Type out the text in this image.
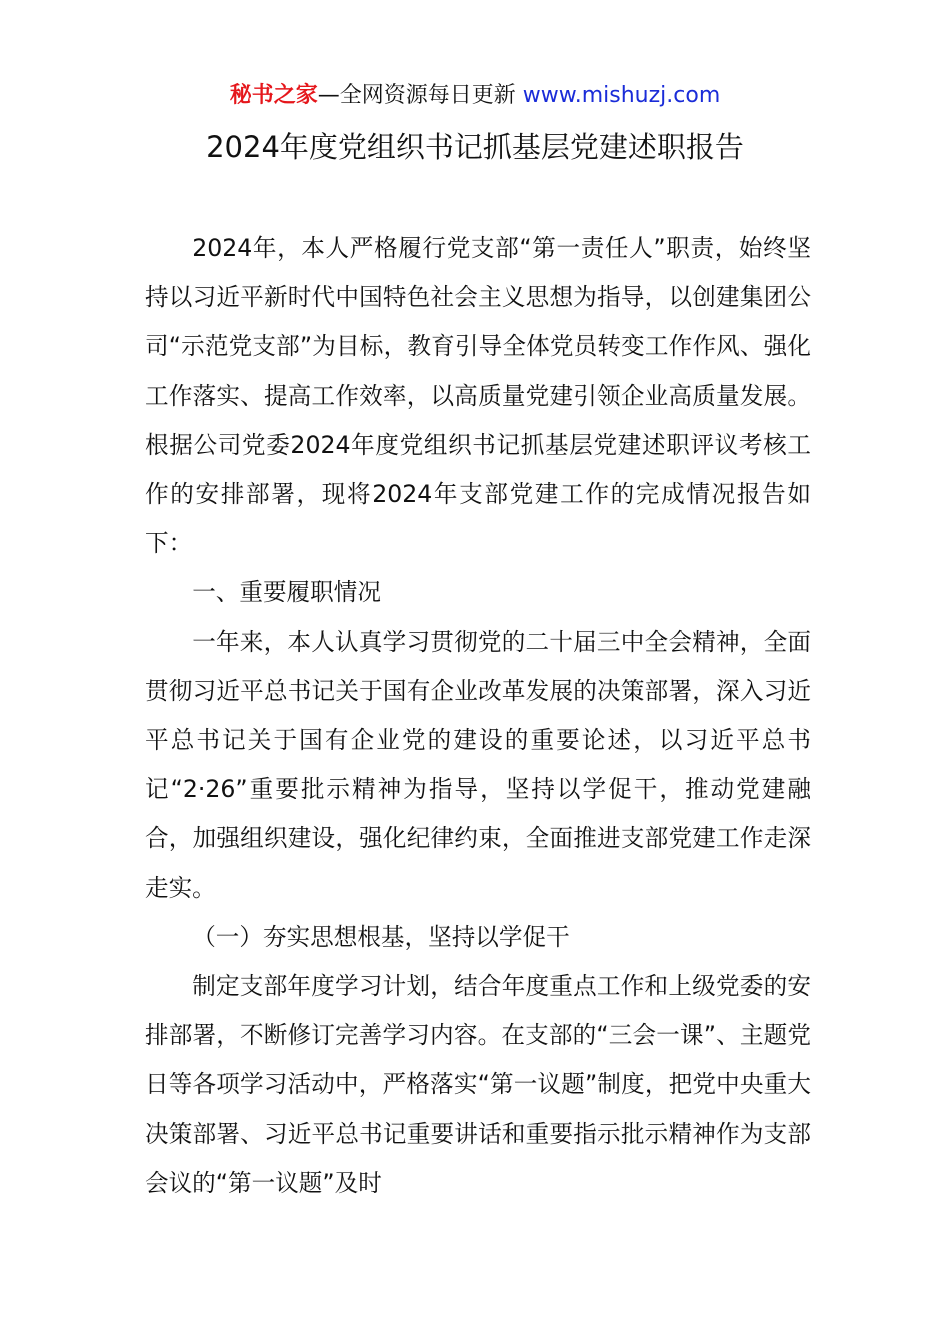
秘书之家—全网资源每日更新 www.mishuzj.com
2024年度党组织书记抓基层党建述职报告

2024年，本人严格履行党支部“第一责任人”职责，始终坚持以习近平新时代中国特色社会主义思想为指导，以创建集团公司“示范党支部”为目标，教育引导全体党员转变工作作风、强化工作落实、提高工作效率，以高质量党建引领企业高质量发展。根据公司党委2024年度党组织书记抓基层党建述职评议考核工作的安排部署，现将2024年支部党建工作的完成情况报告如下：

一、重要履职情况

一年来，本人认真学习贯彻党的二十届三中全会精神，全面贯彻习近平总书记关于国有企业改革发展的决策部署，深入习近平总书记关于国有企业党的建设的重要论述，以习近平总书记“2·26”重要批示精神为指导，坚持以学促干，推动党建融合，加强组织建设，强化纪律约束，全面推进支部党建工作走深走实。

（一）夯实思想根基，坚持以学促干

制定支部年度学习计划，结合年度重点工作和上级党委的安排部署，不断修订完善学习内容。在支部的“三会一课”、主题党日等各项学习活动中，严格落实“第一议题”制度，把党中央重大决策部署、习近平总书记重要讲话和重要指示批示精神作为支部会议的“第一议题”及时
